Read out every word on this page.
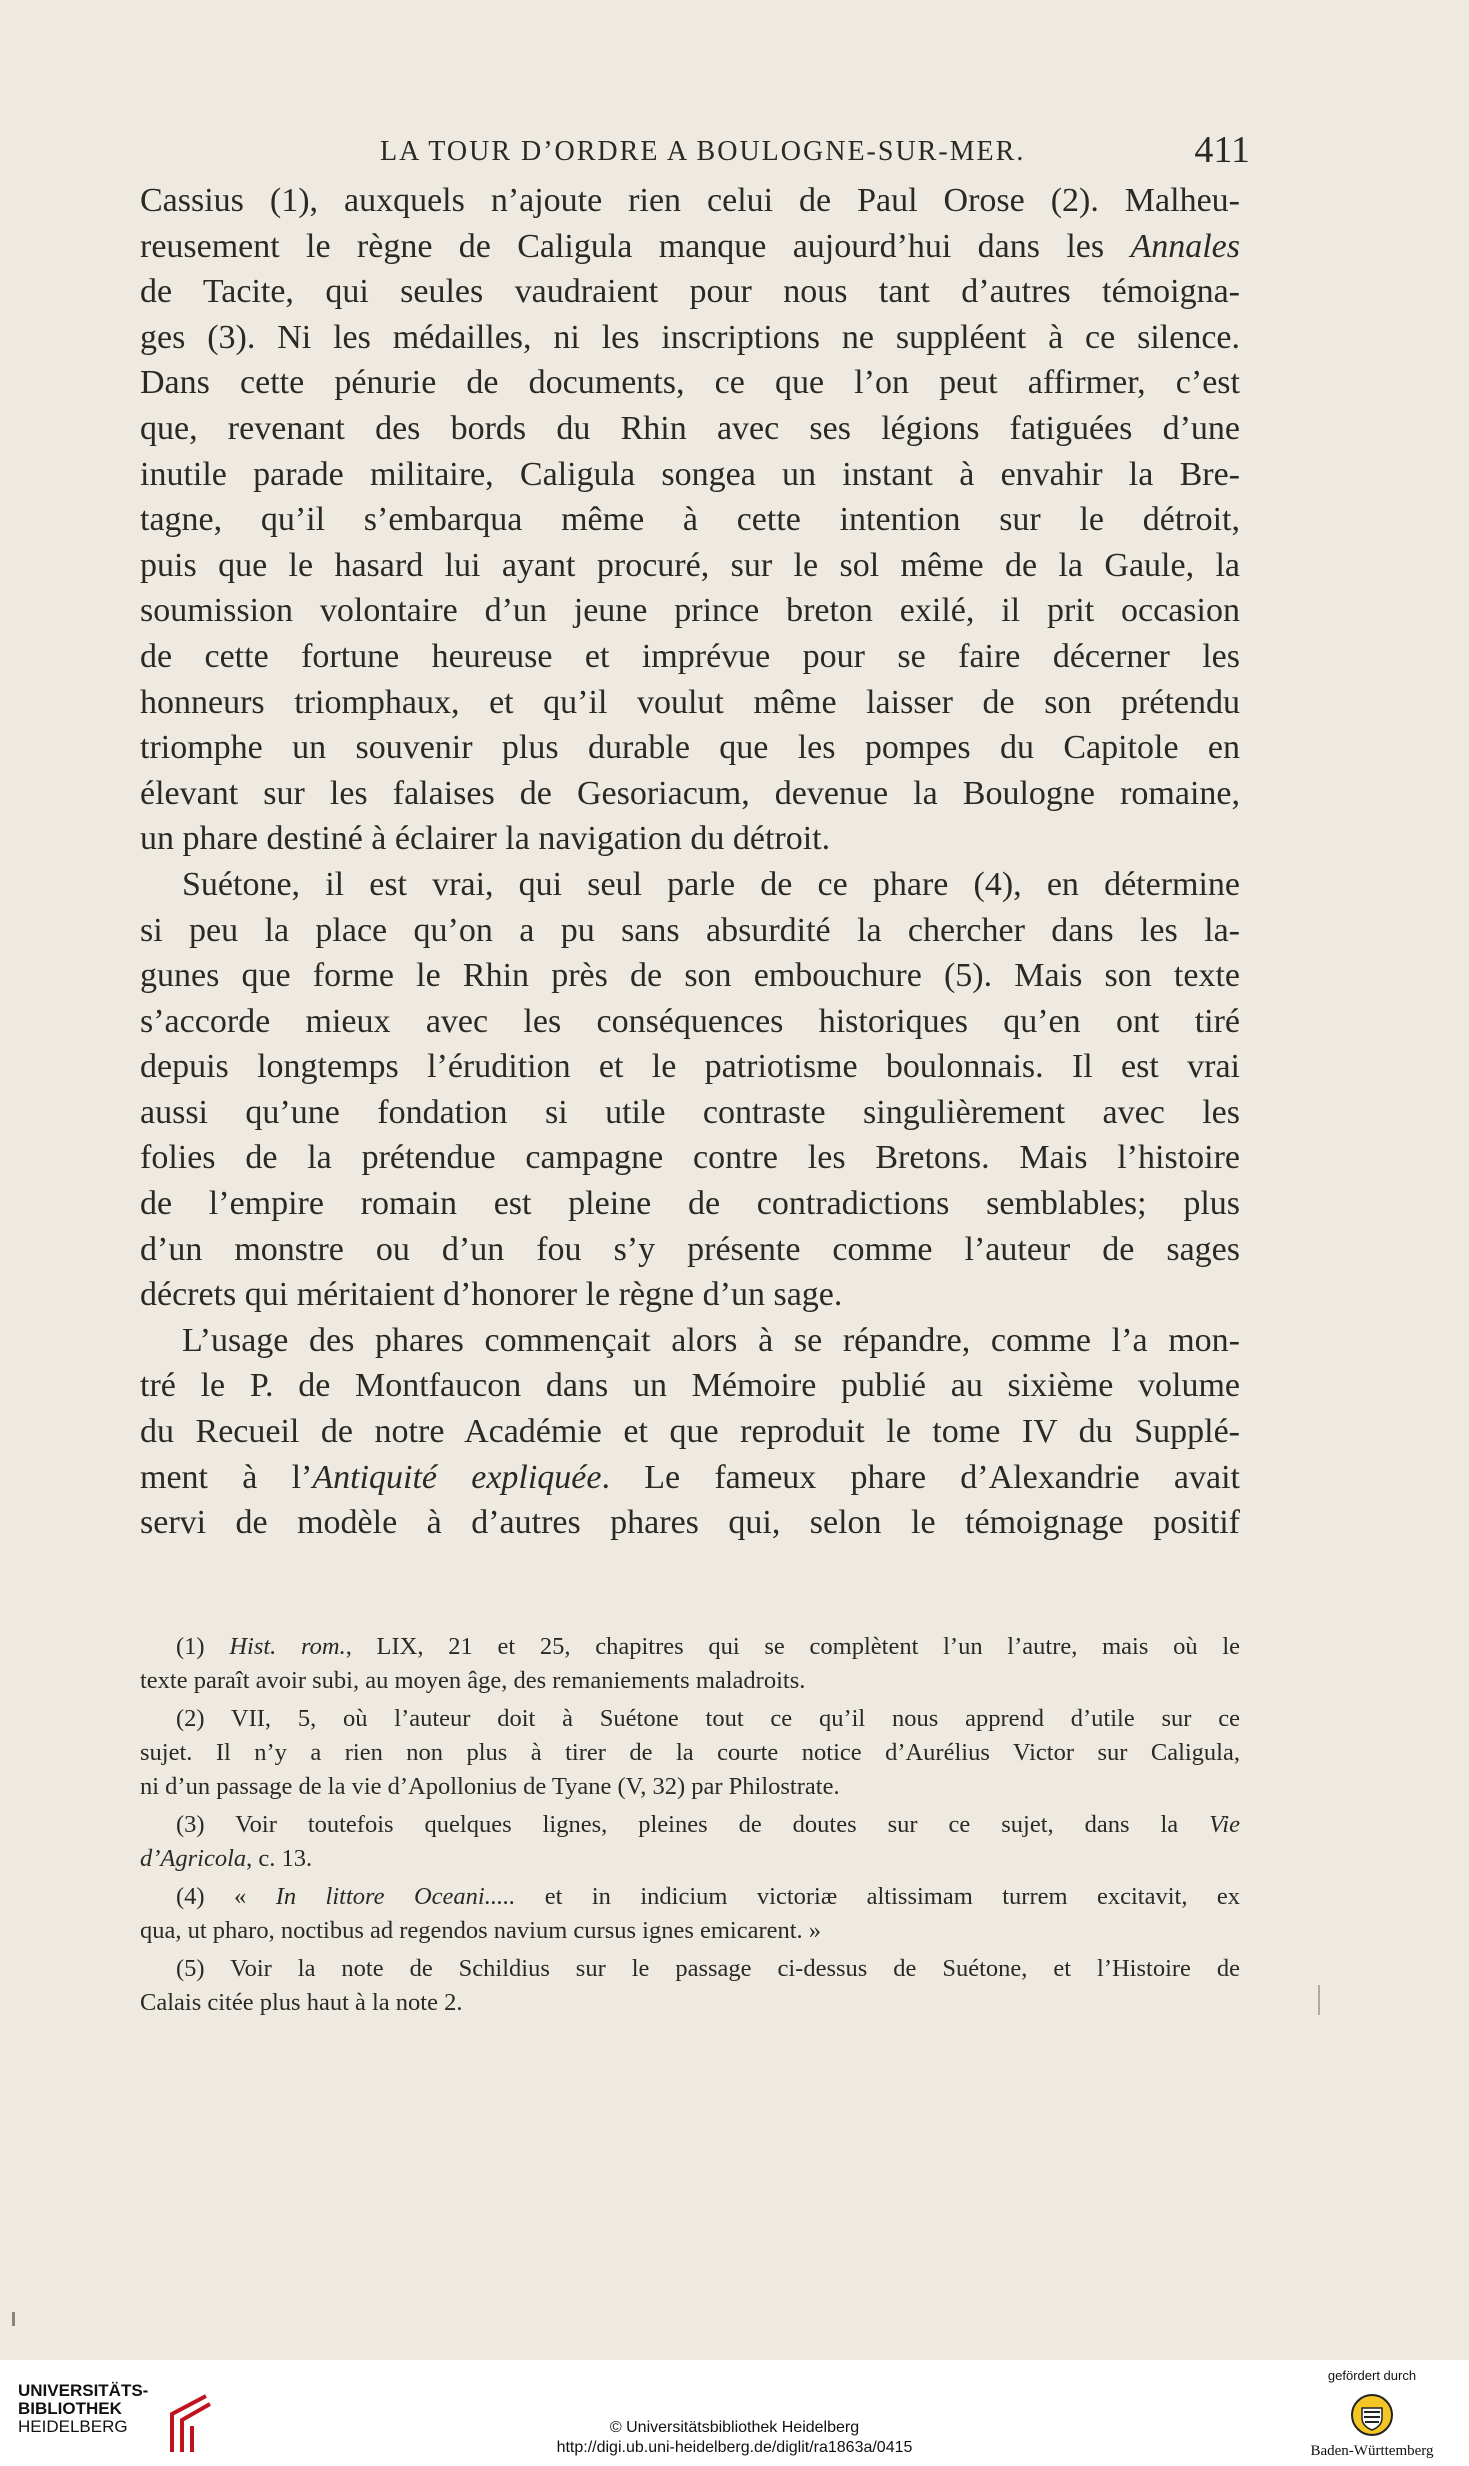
LA TOUR D’ORDRE A BOULOGNE-SUR-MER.	411

Cassius (1), auxquels n’ajoute rien celui de Paul Orose (2). Malheu-

reusement le règne de Caligula manque aujourd’hui dans les Annales

de Tacite, qui seules vaudraient pour nous tant d’autres témoigna-

ges (3). Ni les médailles, ni les inscriptions ne suppléent à ce silence.

Dans cette pénurie de documents, ce que l’on peut affirmer, c’est

que, revenant des bords du Rhin avec ses légions fatiguées d’une

inutile parade militaire, Caligula songea un instant à envahir la Bre-

tagne, qu’il s’embarqua même à cette intention sur le détroit,

puis que le hasard lui ayant procuré, sur le sol même de la Gaule, la

soumission volontaire d’un jeune prince breton exilé, il prit occasion

de cette fortune heureuse et imprévue pour se faire décerner les

honneurs triomphaux, et qu’il voulut même laisser de son prétendu

triomphe un souvenir plus durable que les pompes du Capitole en

élevant sur les falaises de Gesoriacum, devenue la Boulogne romaine,

un phare destiné à éclairer la navigation du détroit.

Suétone, il est vrai, qui seul parle de ce phare (4), en détermine

si peu la place qu’on a pu sans absurdité la chercher dans les la-

gunes que forme le Rhin près de son embouchure (5). Mais son texte

s’accorde mieux avec les conséquences historiques qu’en ont tiré

depuis longtemps l’érudition et le patriotisme boulonnais. Il est vrai

aussi qu’une fondation si utile contraste singulièrement avec les

folies de la prétendue campagne contre les Bretons. Mais l’histoire

de l’empire romain est pleine de contradictions semblables; plus

d’un monstre ou d’un fou s’y présente comme l’auteur de sages

décrets qui méritaient d’honorer le règne d’un sage.

L’usage des phares commençait alors à se répandre, comme l’a mon-

tré le P. de Montfaucon dans un Mémoire publié au sixième volume

du Recueil de notre Académie et que reproduit le tome IV du Supplé-

ment à l’Antiquité expliquée. Le fameux phare d’Alexandrie avait

servi de modèle à d’autres phares qui, selon le témoignage positif

(1) Hist. rom., LIX, 21 et 25, chapitres qui se complètent l’un l’autre, mais où le
texte paraît avoir subi, au moyen âge, des remaniements maladroits.

(2) VII, 5, où l’auteur doit à Suétone tout ce qu’il nous apprend d’utile sur ce
sujet. Il n’y a rien non plus à tirer de la courte notice d’Aurélius Victor sur Caligula,
ni d’un passage de la vie d’Apollonius de Tyane (V, 32) par Philostrate.

(3) Voir toutefois quelques lignes, pleines de doutes sur ce sujet, dans la Vie
d’Agricola, c. 13.

(4) « In littore Oceani..... et in indicium victoriæ altissimam turrem excitavit, ex
qua, ut pharo, noctibus ad regendos navium cursus ignes emicarent. »

(5) Voir la note de Schildius sur le passage ci-dessus de Suétone, et l’Histoire de
Calais citée plus haut à la note 2.

UNIVERSITÄTS-
BIBLIOTHEK
HEIDELBERG	© Universitätsbibliothek Heidelberg
http://digi.ub.uni-heidelberg.de/diglit/ra1863a/0415
gefördert durch
Baden-Württemberg
